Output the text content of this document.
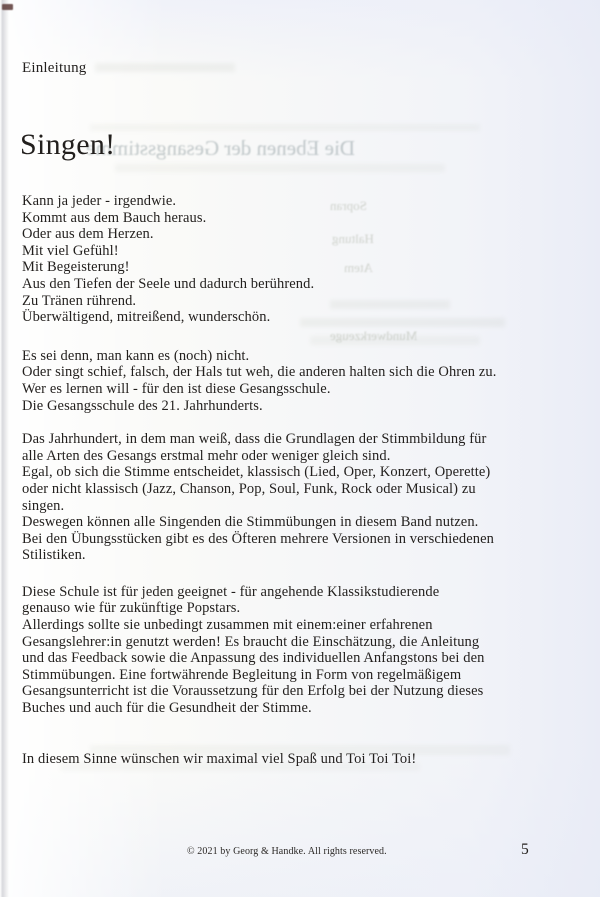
Die Ebenen der Gesangsstimme
Sopran
Haltung
Atem
Mundwerkzeuge
Einleitung
Singen!
Kann ja jeder - irgendwie.
Kommt aus dem Bauch heraus.
Oder aus dem Herzen.
Mit viel Gefühl!
Mit Begeisterung!
Aus den Tiefen der Seele und dadurch berührend.
Zu Tränen rührend.
Überwältigend, mitreißend, wunderschön.
Es sei denn, man kann es (noch) nicht.
Oder singt schief, falsch, der Hals tut weh, die anderen halten sich die Ohren zu.
Wer es lernen will - für den ist diese Gesangsschule.
Die Gesangsschule des 21. Jahrhunderts.
Das Jahrhundert, in dem man weiß, dass die Grundlagen der Stimmbildung für
alle Arten des Gesangs erstmal mehr oder weniger gleich sind.
Egal, ob sich die Stimme entscheidet, klassisch (Lied, Oper, Konzert, Operette)
oder nicht klassisch (Jazz, Chanson, Pop, Soul, Funk, Rock oder Musical) zu
singen.
Deswegen können alle Singenden die Stimmübungen in diesem Band nutzen.
Bei den Übungsstücken gibt es des Öfteren mehrere Versionen in verschiedenen
Stilistiken.
Diese Schule ist für jeden geeignet - für angehende Klassikstudierende
genauso wie für zukünftige Popstars.
Allerdings sollte sie unbedingt zusammen mit einem:einer erfahrenen
Gesangslehrer:in genutzt werden! Es braucht die Einschätzung, die Anleitung
und das Feedback sowie die Anpassung des individuellen Anfangstons bei den
Stimmübungen. Eine fortwährende Begleitung in Form von regelmäßigem
Gesangsunterricht ist die Voraussetzung für den Erfolg bei der Nutzung dieses
Buches und auch für die Gesundheit der Stimme.
In diesem Sinne wünschen wir maximal viel Spaß und Toi Toi Toi!
© 2021 by Georg & Handke. All rights reserved.	5
